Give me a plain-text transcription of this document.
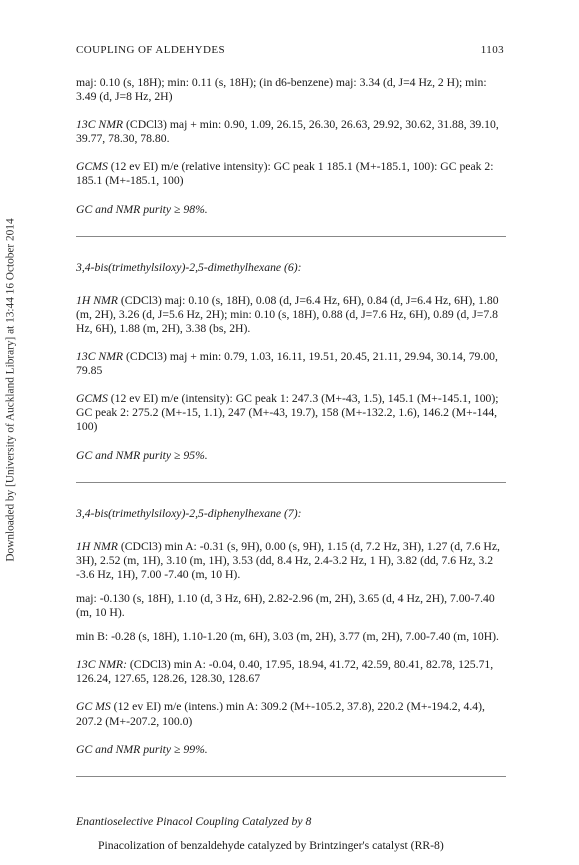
Downloaded by [University of Auckland Library] at 13:44 16 October 2014
COUPLING OF ALDEHYDES	1103

maj: 0.10 (s, 18H); min: 0.11 (s, 18H); (in d6-benzene) maj: 3.34 (d, J=4 Hz, 2 H); min: 3.49 (d, J=8 Hz, 2H)

13C NMR (CDCl3) maj + min: 0.90, 1.09, 26.15, 26.30, 26.63, 29.92, 30.62, 31.88, 39.10, 39.77, 78.30, 78.80.

GCMS (12 ev EI) m/e (relative intensity): GC peak 1 185.1 (M+-185.1, 100): GC peak 2: 185.1 (M+-185.1, 100)

GC and NMR purity ≥ 98%.

3,4-bis(trimethylsiloxy)-2,5-dimethylhexane (6):

1H NMR (CDCl3) maj: 0.10 (s, 18H), 0.08 (d, J=6.4 Hz, 6H), 0.84 (d, J=6.4 Hz, 6H), 1.80 (m, 2H), 3.26 (d, J=5.6 Hz, 2H); min: 0.10 (s, 18H), 0.88 (d, J=7.6 Hz, 6H), 0.89 (d, J=7.8 Hz, 6H), 1.88 (m, 2H), 3.38 (bs, 2H).

13C NMR (CDCl3) maj + min: 0.79, 1.03, 16.11, 19.51, 20.45, 21.11, 29.94, 30.14, 79.00, 79.85

GCMS (12 ev EI) m/e (intensity): GC peak 1: 247.3 (M+-43, 1.5), 145.1 (M+-145.1, 100); GC peak 2: 275.2 (M+-15, 1.1), 247 (M+-43, 19.7), 158 (M+-132.2, 1.6), 146.2 (M+-144, 100)

GC and NMR purity ≥ 95%.

3,4-bis(trimethylsiloxy)-2,5-diphenylhexane (7):

1H NMR (CDCl3) min A: -0.31 (s, 9H), 0.00 (s, 9H), 1.15 (d, 7.2 Hz, 3H), 1.27 (d, 7.6 Hz, 3H), 2.52 (m, 1H), 3.10 (m, 1H), 3.53 (dd, 8.4 Hz, 2.4-3.2 Hz, 1 H), 3.82 (dd, 7.6 Hz, 3.2 -3.6 Hz, 1H), 7.00 -7.40 (m, 10 H).

maj: -0.130 (s, 18H), 1.10 (d, 3 Hz, 6H), 2.82-2.96 (m, 2H), 3.65 (d, 4 Hz, 2H), 7.00-7.40 (m, 10 H).

min B: -0.28 (s, 18H), 1.10-1.20 (m, 6H), 3.03 (m, 2H), 3.77 (m, 2H), 7.00-7.40 (m, 10H).

13C NMR: (CDCl3) min A: -0.04, 0.40, 17.95, 18.94, 41.72, 42.59, 80.41, 82.78, 125.71, 126.24, 127.65, 128.26, 128.30, 128.67

GC MS (12 ev EI) m/e (intens.) min A: 309.2 (M+-105.2, 37.8), 220.2 (M+-194.2, 4.4), 207.2 (M+-207.2, 100.0)

GC and NMR purity ≥ 99%.

Enantioselective Pinacol Coupling Catalyzed by 8

Pinacolization of benzaldehyde catalyzed by Brintzinger's catalyst (RR-8)
